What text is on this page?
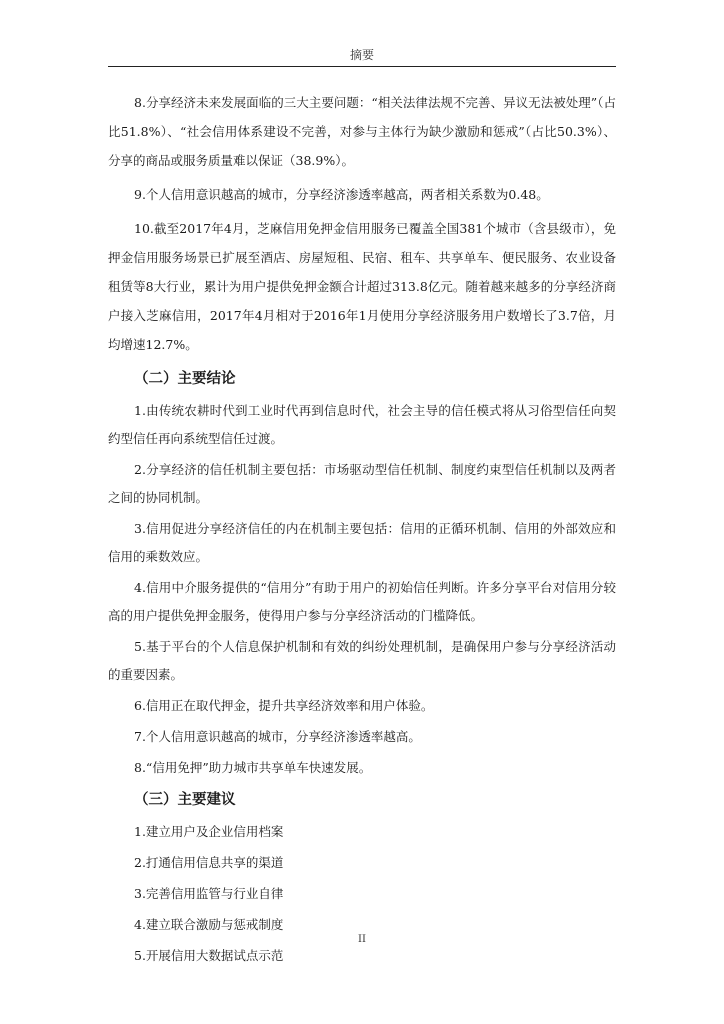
摘要

8.分享经济未来发展面临的三大主要问题：“相关法律法规不完善、异议无法被处理”（占比51.8%）、“社会信用体系建设不完善，对参与主体行为缺少激励和惩戒”（占比50.3%）、分享的商品或服务质量难以保证（38.9%）。

9.个人信用意识越高的城市，分享经济渗透率越高，两者相关系数为0.48。

10.截至2017年4月，芝麻信用免押金信用服务已覆盖全国381个城市（含县级市），免押金信用服务场景已扩展至酒店、房屋短租、民宿、租车、共享单车、便民服务、农业设备租赁等8大行业，累计为用户提供免押金额合计超过313.8亿元。随着越来越多的分享经济商户接入芝麻信用，2017年4月相对于2016年1月使用分享经济服务用户数增长了3.7倍，月均增速12.7%。

（二）主要结论

1.由传统农耕时代到工业时代再到信息时代，社会主导的信任模式将从习俗型信任向契约型信任再向系统型信任过渡。

2.分享经济的信任机制主要包括：市场驱动型信任机制、制度约束型信任机制以及两者之间的协同机制。

3.信用促进分享经济信任的内在机制主要包括：信用的正循环机制、信用的外部效应和信用的乘数效应。

4.信用中介服务提供的“信用分”有助于用户的初始信任判断。许多分享平台对信用分较高的用户提供免押金服务，使得用户参与分享经济活动的门槛降低。

5.基于平台的个人信息保护机制和有效的纠纷处理机制，是确保用户参与分享经济活动的重要因素。

6.信用正在取代押金，提升共享经济效率和用户体验。

7.个人信用意识越高的城市，分享经济渗透率越高。

8.“信用免押”助力城市共享单车快速发展。

（三）主要建议

1.建立用户及企业信用档案

2.打通信用信息共享的渠道

3.完善信用监管与行业自律

4.建立联合激励与惩戒制度

5.开展信用大数据试点示范

II
